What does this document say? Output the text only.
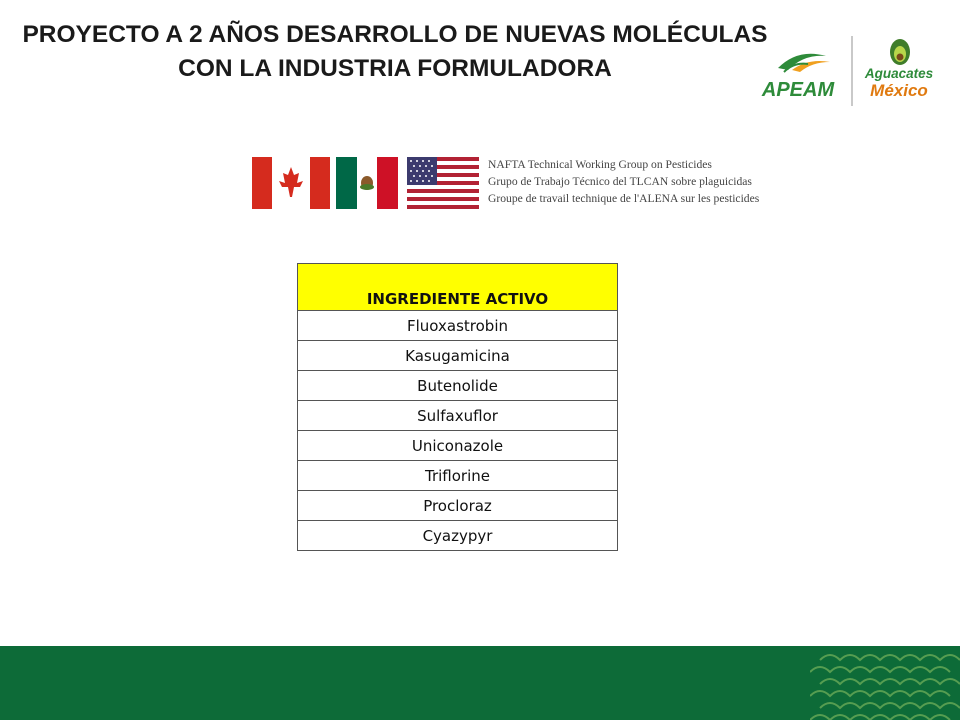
PROYECTO A 2 AÑOS DESARROLLO DE NUEVAS MOLÉCULAS
CON LA INDUSTRIA FORMULADORA
APEAM
Aguacates
México
NAFTA Technical Working Group on Pesticides
Grupo de Trabajo Técnico del TLCAN sobre plaguicidas
Groupe de travail technique de l'ALENA sur les pesticides
INGREDIENTE ACTIVO
Fluoxastrobin
Kasugamicina
Butenolide
Sulfaxuflor
Uniconazole
Triflorine
Procloraz
Cyazypyr
